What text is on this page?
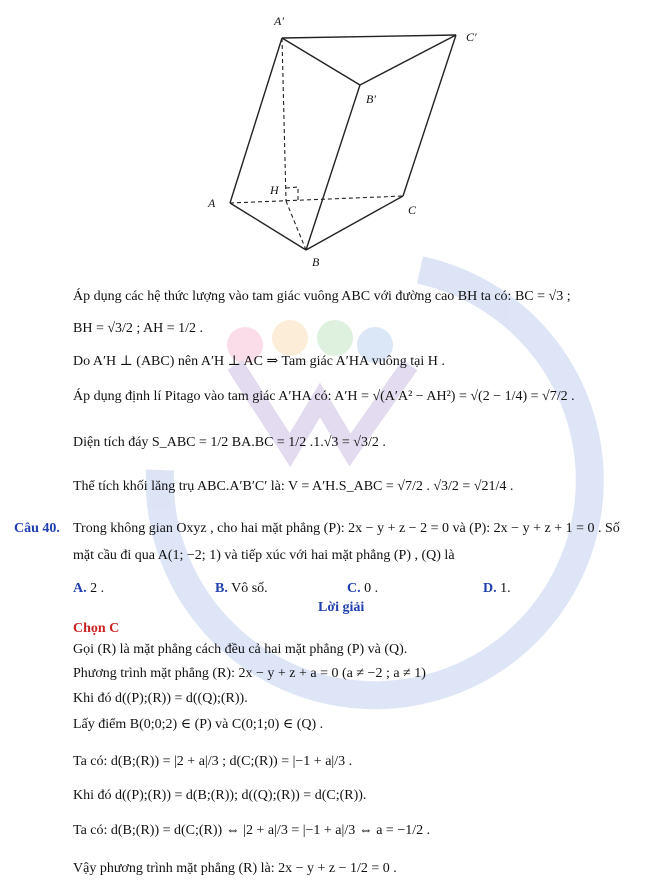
A′
C′
B′
H
A	C
B
Áp dụng các hệ thức lượng vào tam giác vuông ABC với đường cao BH ta có: BC = √3 ;
BH = √3/2 ; AH = 1/2 .
Do A′H ⊥ (ABC) nên A′H ⊥ AC ⇒ Tam giác A′HA vuông tại H .
Áp dụng định lí Pitago vào tam giác A′HA có: A′H = √(A′A² − AH²) = √(2 − 1/4) = √7/2 .
Diện tích đáy S_ABC = 1/2 BA.BC = 1/2 .1.√3 = √3/2 .
Thể tích khối lăng trụ ABC.A′B′C′ là: V = A′H.S_ABC = √7/2 . √3/2 = √21/4 .
Câu 40. Trong không gian Oxyz , cho hai mặt phẳng (P): 2x − y + z − 2 = 0 và (P): 2x − y + z + 1 = 0 . Số
mặt cầu đi qua A(1; −2; 1) và tiếp xúc với hai mặt phẳng (P) , (Q) là
A. 2 .	B. Vô số.	C. 0 .	D. 1.
Lời giải
Chọn C
Gọi (R) là mặt phẳng cách đều cả hai mặt phẳng (P) và (Q).
Phương trình mặt phẳng (R): 2x − y + z + a = 0 (a ≠ −2 ; a ≠ 1)
Khi đó d((P);(R)) = d((Q);(R)).
Lấy điểm B(0;0;2) ∈ (P) và C(0;1;0) ∈ (Q) .
Ta có: d(B;(R)) = |2 + a|/3 ; d(C;(R)) = |−1 + a|/3 .
Khi đó d((P);(R)) = d(B;(R)); d((Q);(R)) = d(C;(R)).
Ta có: d(B;(R)) = d(C;(R)) ⇔ |2 + a|/3 = |−1 + a|/3 ⇔ a = −1/2 .
Vậy phương trình mặt phẳng (R) là: 2x − y + z − 1/2 = 0 .
